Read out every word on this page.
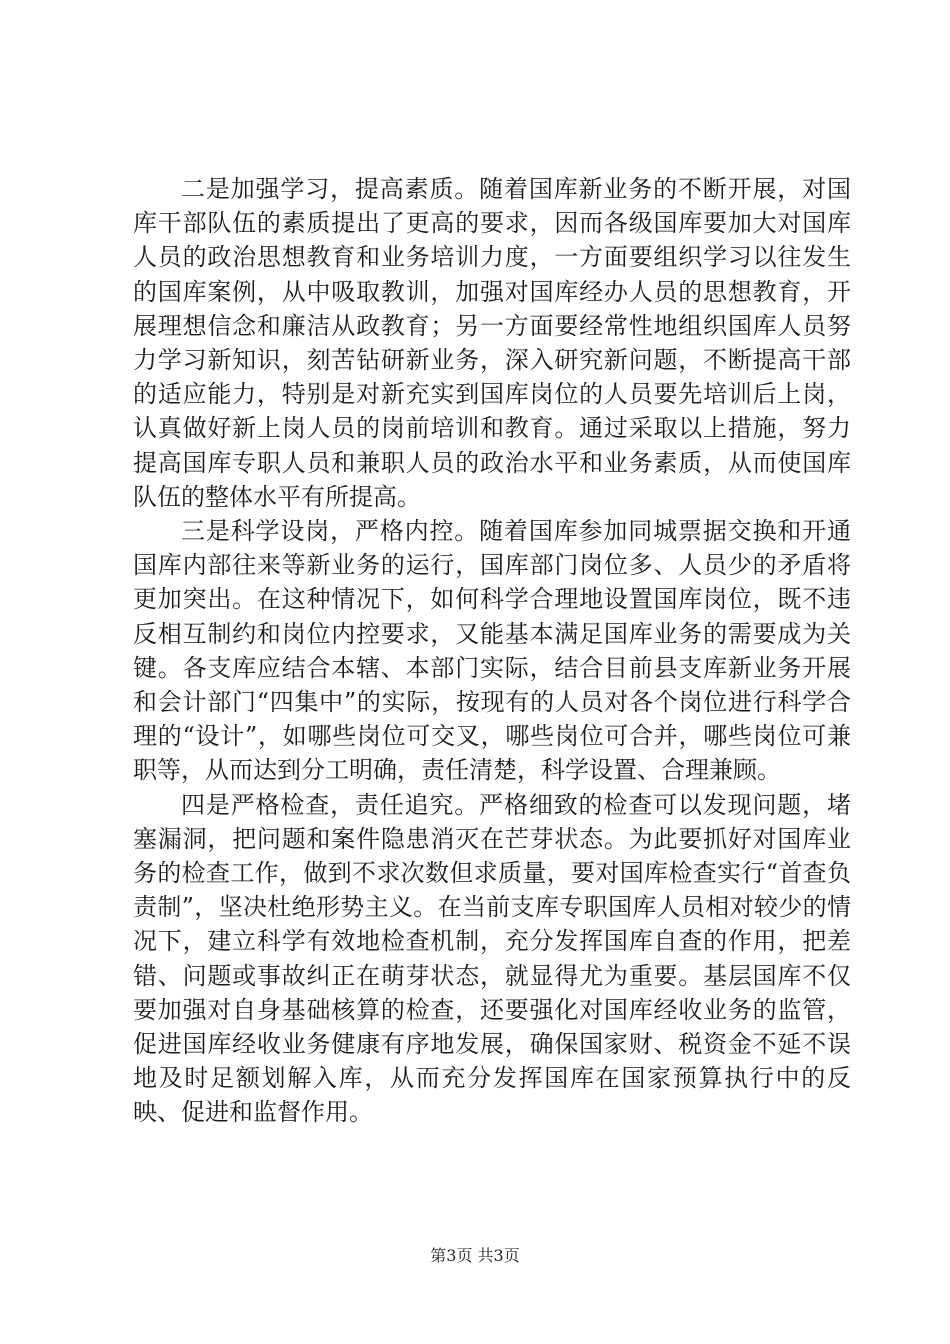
二是加强学习，提高素质。随着国库新业务的不断开展，对国库干部队伍的素质提出了更高的要求，因而各级国库要加大对国库人员的政治思想教育和业务培训力度，一方面要组织学习以往发生的国库案例，从中吸取教训，加强对国库经办人员的思想教育，开展理想信念和廉洁从政教育；另一方面要经常性地组织国库人员努力学习新知识，刻苦钻研新业务，深入研究新问题，不断提高干部的适应能力，特别是对新充实到国库岗位的人员要先培训后上岗，认真做好新上岗人员的岗前培训和教育。通过采取以上措施，努力提高国库专职人员和兼职人员的政治水平和业务素质，从而使国库队伍的整体水平有所提高。

三是科学设岗，严格内控。随着国库参加同城票据交换和开通国库内部往来等新业务的运行，国库部门岗位多、人员少的矛盾将更加突出。在这种情况下，如何科学合理地设置国库岗位，既不违反相互制约和岗位内控要求，又能基本满足国库业务的需要成为关键。各支库应结合本辖、本部门实际，结合目前县支库新业务开展和会计部门“四集中”的实际，按现有的人员对各个岗位进行科学合理的“设计”，如哪些岗位可交叉，哪些岗位可合并，哪些岗位可兼职等，从而达到分工明确，责任清楚，科学设置、合理兼顾。

四是严格检查，责任追究。严格细致的检查可以发现问题，堵塞漏洞，把问题和案件隐患消灭在芒芽状态。为此要抓好对国库业务的检查工作，做到不求次数但求质量，要对国库检查实行“首查负责制”，坚决杜绝形势主义。在当前支库专职国库人员相对较少的情况下，建立科学有效地检查机制，充分发挥国库自查的作用，把差错、问题或事故纠正在萌芽状态，就显得尤为重要。基层国库不仅要加强对自身基础核算的检查，还要强化对国库经收业务的监管，促进国库经收业务健康有序地发展，确保国家财、税资金不延不误地及时足额划解入库，从而充分发挥国库在国家预算执行中的反映、促进和监督作用。

第3页 共3页
